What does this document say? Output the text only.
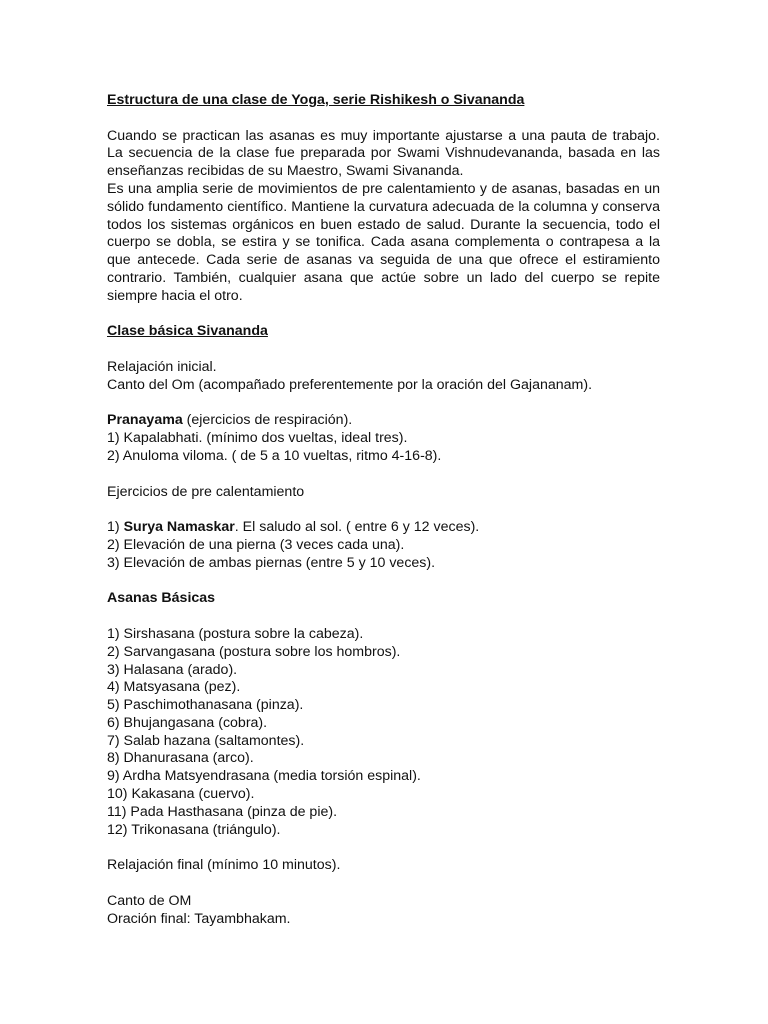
Estructura de una clase de Yoga, serie Rishikesh o Sivananda

Cuando se practican las asanas es muy importante ajustarse a una pauta de trabajo. La secuencia de la clase fue preparada por Swami Vishnudevananda, basada en las enseñanzas recibidas de su Maestro, Swami Sivananda.

Es una amplia serie de movimientos de pre calentamiento y de asanas, basadas en un sólido fundamento científico. Mantiene la curvatura adecuada de la columna y conserva todos los sistemas orgánicos en buen estado de salud. Durante la secuencia, todo el cuerpo se dobla, se estira y se tonifica. Cada asana complementa o contrapesa a la que antecede. Cada serie de asanas va seguida de una que ofrece el estiramiento contrario. También, cualquier asana que actúe sobre un lado del cuerpo se repite siempre hacia el otro.

Clase básica Sivananda

Relajación inicial.

Canto del Om (acompañado preferentemente por la oración del Gajananam).

Pranayama (ejercicios de respiración).

1) Kapalabhati. (mínimo dos vueltas, ideal tres).

2) Anuloma viloma. ( de 5 a 10 vueltas, ritmo 4-16-8).

Ejercicios de pre calentamiento

1) Surya Namaskar. El saludo al sol. ( entre 6 y 12 veces).

2) Elevación de una pierna (3 veces cada una).

3) Elevación de ambas piernas (entre 5 y 10 veces).

Asanas Básicas

1) Sirshasana (postura sobre la cabeza).

2) Sarvangasana (postura sobre los hombros).

3) Halasana (arado).

4) Matsyasana (pez).

5) Paschimothanasana (pinza).

6) Bhujangasana (cobra).

7) Salab hazana (saltamontes).

8) Dhanurasana (arco).

9) Ardha Matsyendrasana (media torsión espinal).

10) Kakasana (cuervo).

11) Pada Hasthasana (pinza de pie).

12) Trikonasana (triángulo).

Relajación final (mínimo 10 minutos).

Canto de OM

Oración final: Tayambhakam.
